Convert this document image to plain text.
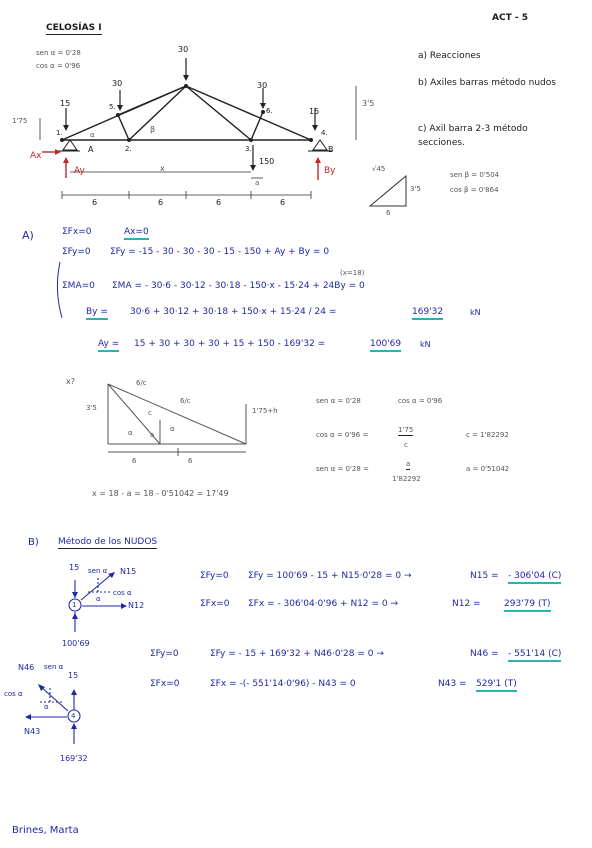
CELOSÍAS I
ACT - 5
sen α = 0'28
cos α = 0'96
1'75
3'5
15
30
30
30
15
150
1.
2.	3.
4.
5.	6.
A	B
Ax
Ay	By
α
β
x
a
6	6	6	6
a) Reacciones
b) Axiles barras método nudos
c) Axil barra 2-3 método secciones.
√45
3'5
6
sen β = 0'504
cos β = 0'864
A)	ΣFx=0	Ax=0
ΣFy=0 ΣFy = -15 - 30 - 30 - 30 - 15 - 150 + Ay + By = 0
ΣMA=0 ΣMA = - 30·6 - 30·12 - 30·18 - 150·x - 15·24 + 24By = 0
(x=18)
By = 30·6 + 30·12 + 30·18 + 150·x + 15·24 / 24 =	169'32	kN
Ay = 15 + 30 + 30 + 30 + 15 + 150 - 169'32 =	100'69 kN
x?
3'5	1'75+h
6	6
6/c
6/c
c
a
α	α
sen α = 0'28	cos α = 0'96
cos α = 0'96 =
1'75
c
c = 1'82292
sen α = 0'28 =
a
1'82292
a = 0'51042
x = 18 - a = 18 - 0'51042 = 17'49
B) Método de los NUDOS
15	N15
N12
1
sen α
cos α
α
100'69
ΣFy=0 ΣFy = 100'69 - 15 + N15·0'28 = 0 →	N15 = - 306'04 (C)
ΣFx=0 ΣFx = - 306'04·0'96 + N12 = 0 →	N12 =	293'79 (T)
N46
N43
15
sen α
cos α
α
4
169'32
ΣFy=0	ΣFy = - 15 + 169'32 + N46·0'28 = 0 →	N46 = - 551'14 (C)
ΣFx=0	ΣFx = -(- 551'14·0'96) - N43 = 0	N43 = 529'1 (T)
Brines, Marta
